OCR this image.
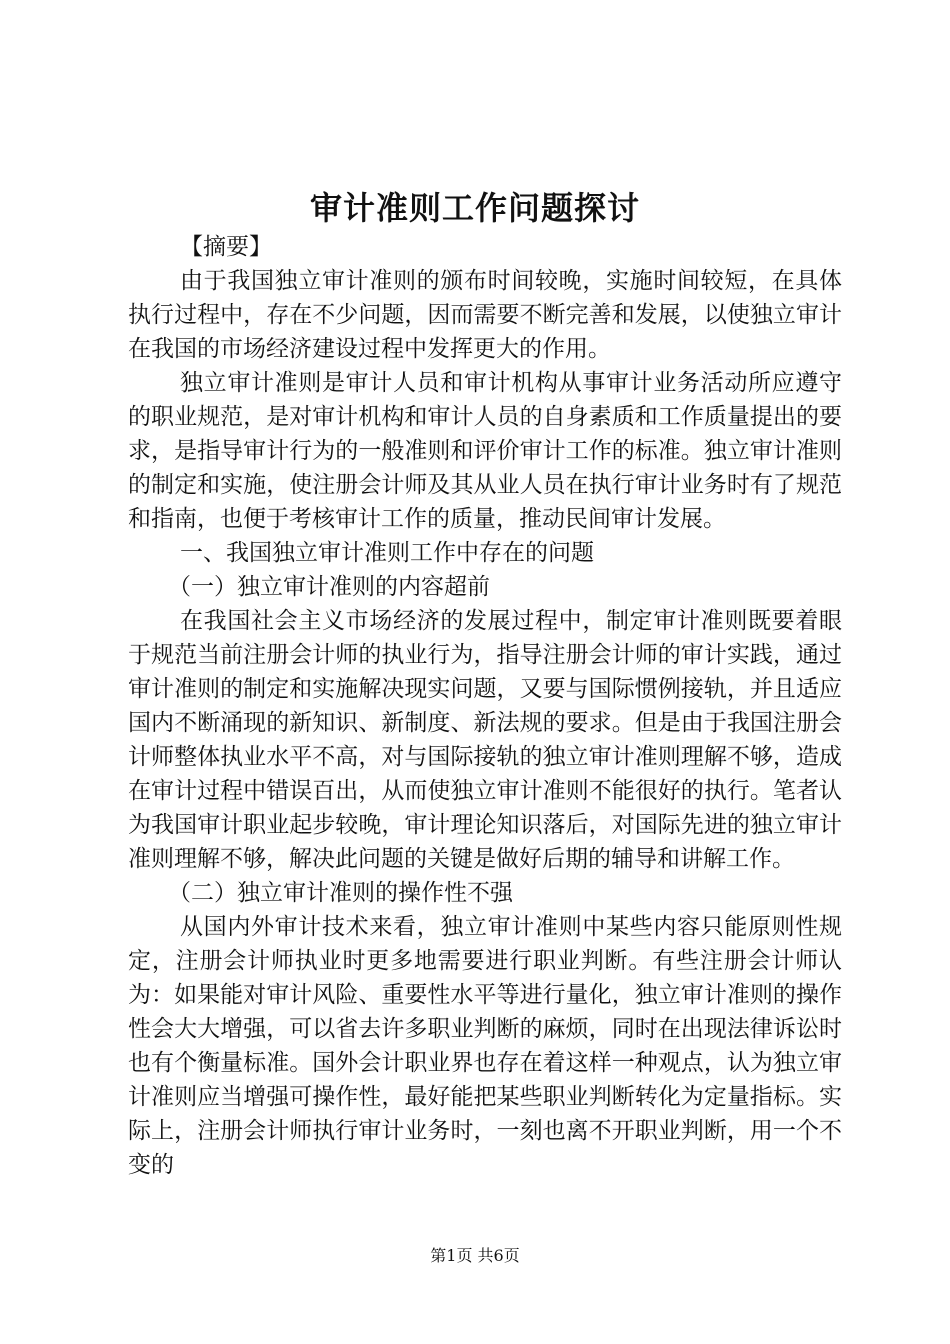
审计准则工作问题探讨

【摘要】

由于我国独立审计准则的颁布时间较晚，实施时间较短，在具体执行过程中，存在不少问题，因而需要不断完善和发展，以使独立审计在我国的市场经济建设过程中发挥更大的作用。

独立审计准则是审计人员和审计机构从事审计业务活动所应遵守的职业规范，是对审计机构和审计人员的自身素质和工作质量提出的要求，是指导审计行为的一般准则和评价审计工作的标准。独立审计准则的制定和实施，使注册会计师及其从业人员在执行审计业务时有了规范和指南，也便于考核审计工作的质量，推动民间审计发展。

一、我国独立审计准则工作中存在的问题

（一）独立审计准则的内容超前

在我国社会主义市场经济的发展过程中，制定审计准则既要着眼于规范当前注册会计师的执业行为，指导注册会计师的审计实践，通过审计准则的制定和实施解决现实问题，又要与国际惯例接轨，并且适应国内不断涌现的新知识、新制度、新法规的要求。但是由于我国注册会计师整体执业水平不高，对与国际接轨的独立审计准则理解不够，造成在审计过程中错误百出，从而使独立审计准则不能很好的执行。笔者认为我国审计职业起步较晚，审计理论知识落后，对国际先进的独立审计准则理解不够，解决此问题的关键是做好后期的辅导和讲解工作。

（二）独立审计准则的操作性不强

从国内外审计技术来看，独立审计准则中某些内容只能原则性规定，注册会计师执业时更多地需要进行职业判断。有些注册会计师认为：如果能对审计风险、重要性水平等进行量化，独立审计准则的操作性会大大增强，可以省去许多职业判断的麻烦，同时在出现法律诉讼时也有个衡量标准。国外会计职业界也存在着这样一种观点，认为独立审计准则应当增强可操作性，最好能把某些职业判断转化为定量指标。实际上，注册会计师执行审计业务时，一刻也离不开职业判断，用一个不变的

第1页 共6页
